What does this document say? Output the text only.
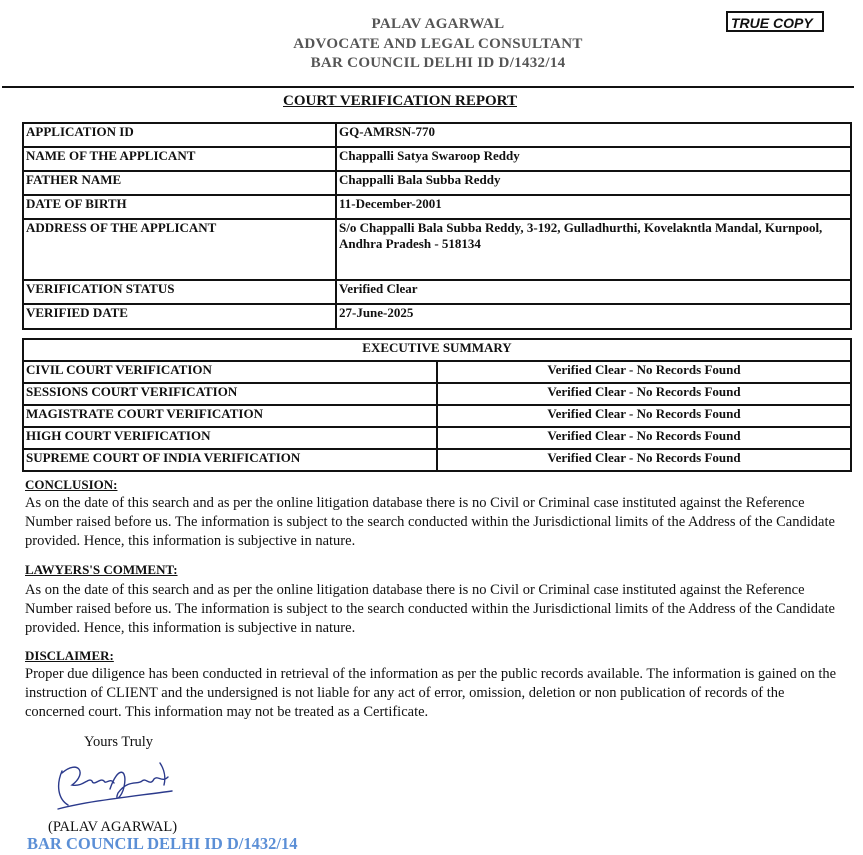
PALAV AGARWAL
ADVOCATE AND LEGAL CONSULTANT
BAR COUNCIL DELHI ID D/1432/14
TRUE COPY
COURT VERIFICATION REPORT
APPLICATION ID	GQ-AMRSN-770
NAME OF THE APPLICANT	Chappalli Satya Swaroop Reddy
FATHER NAME	Chappalli Bala Subba Reddy
DATE OF BIRTH	11-December-2001
ADDRESS OF THE APPLICANT	S/o Chappalli Bala Subba Reddy, 3-192, Gulladhurthi, Kovelakntla Mandal, Kurnpool, Andhra Pradesh - 518134
VERIFICATION STATUS	Verified Clear
VERIFIED DATE	27-June-2025
EXECUTIVE SUMMARY	
CIVIL COURT VERIFICATION	Verified Clear - No Records Found
SESSIONS COURT VERIFICATION	Verified Clear - No Records Found
MAGISTRATE COURT VERIFICATION	Verified Clear - No Records Found
HIGH COURT VERIFICATION	Verified Clear - No Records Found
SUPREME COURT OF INDIA VERIFICATION	Verified Clear - No Records Found
CONCLUSION:
As on the date of this search and as per the online litigation database there is no Civil or Criminal case instituted against the Reference Number raised before us. The information is subject to the search conducted within the Jurisdictional limits of the Address of the Candidate provided. Hence, this information is subjective in nature.
LAWYERS'S COMMENT:
As on the date of this search and as per the online litigation database there is no Civil or Criminal case instituted against the Reference Number raised before us. The information is subject to the search conducted within the Jurisdictional limits of the Address of the Candidate provided. Hence, this information is subjective in nature.
DISCLAIMER:
Proper due diligence has been conducted in retrieval of the information as per the public records available. The information is gained on the instruction of CLIENT and the undersigned is not liable for any act of error, omission, deletion or non publication of records of the concerned court. This information may not be treated as a Certificate.
Yours Truly
(PALAV AGARWAL)
BAR COUNCIL DELHI ID D/1432/14
